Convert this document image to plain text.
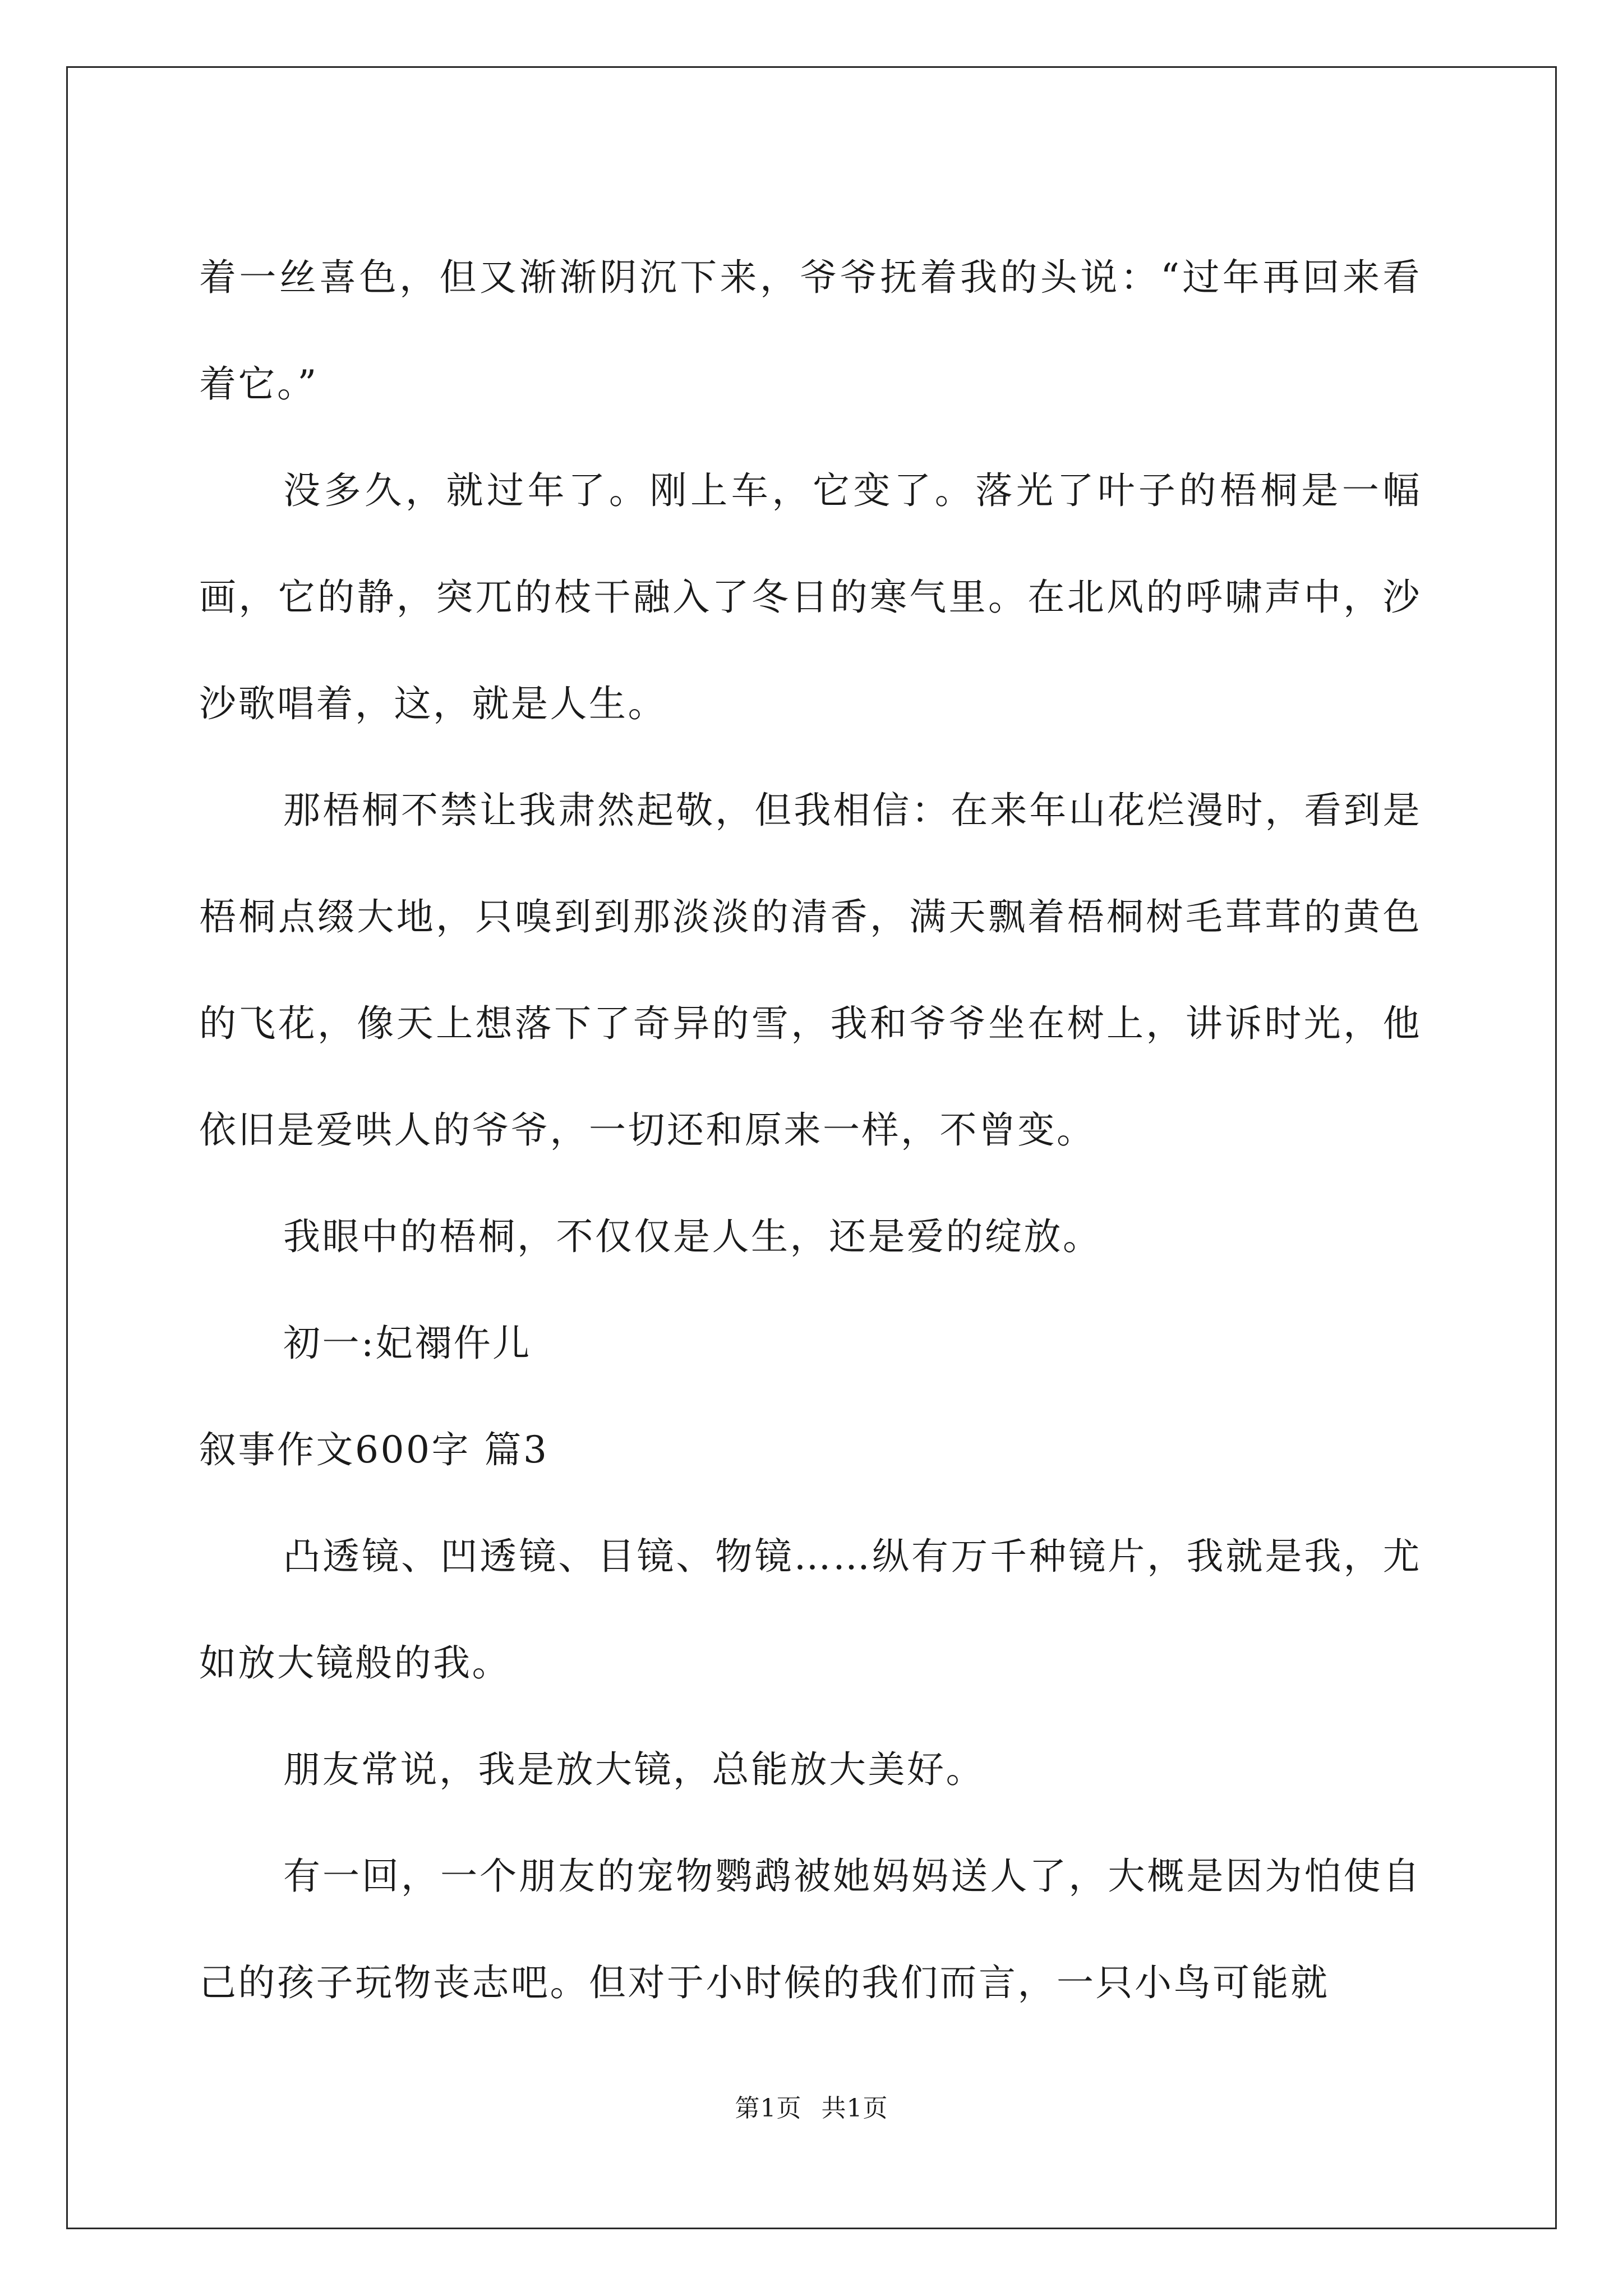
着一丝喜色，但又渐渐阴沉下来，爷爷抚着我的头说：“过年再回来看着它。”

没多久，就过年了。刚上车，它变了。落光了叶子的梧桐是一幅画，它的静，突兀的枝干融入了冬日的寒气里。在北风的呼啸声中，沙沙歌唱着，这，就是人生。

那梧桐不禁让我肃然起敬，但我相信：在来年山花烂漫时，看到是梧桐点缀大地，只嗅到到那淡淡的清香，满天飘着梧桐树毛茸茸的黄色的飞花，像天上想落下了奇异的雪，我和爷爷坐在树上，讲诉时光，他依旧是爱哄人的爷爷，一切还和原来一样，不曾变。

我眼中的梧桐，不仅仅是人生，还是爱的绽放。

初一:妃禤仵儿

叙事作文600字 篇3

凸透镜、凹透镜、目镜、物镜……纵有万千种镜片，我就是我，尤如放大镜般的我。

朋友常说，我是放大镜，总能放大美好。

有一回，一个朋友的宠物鹦鹉被她妈妈送人了，大概是因为怕使自己的孩子玩物丧志吧。但对于小时候的我们而言，一只小鸟可能就

第1页 共1页
